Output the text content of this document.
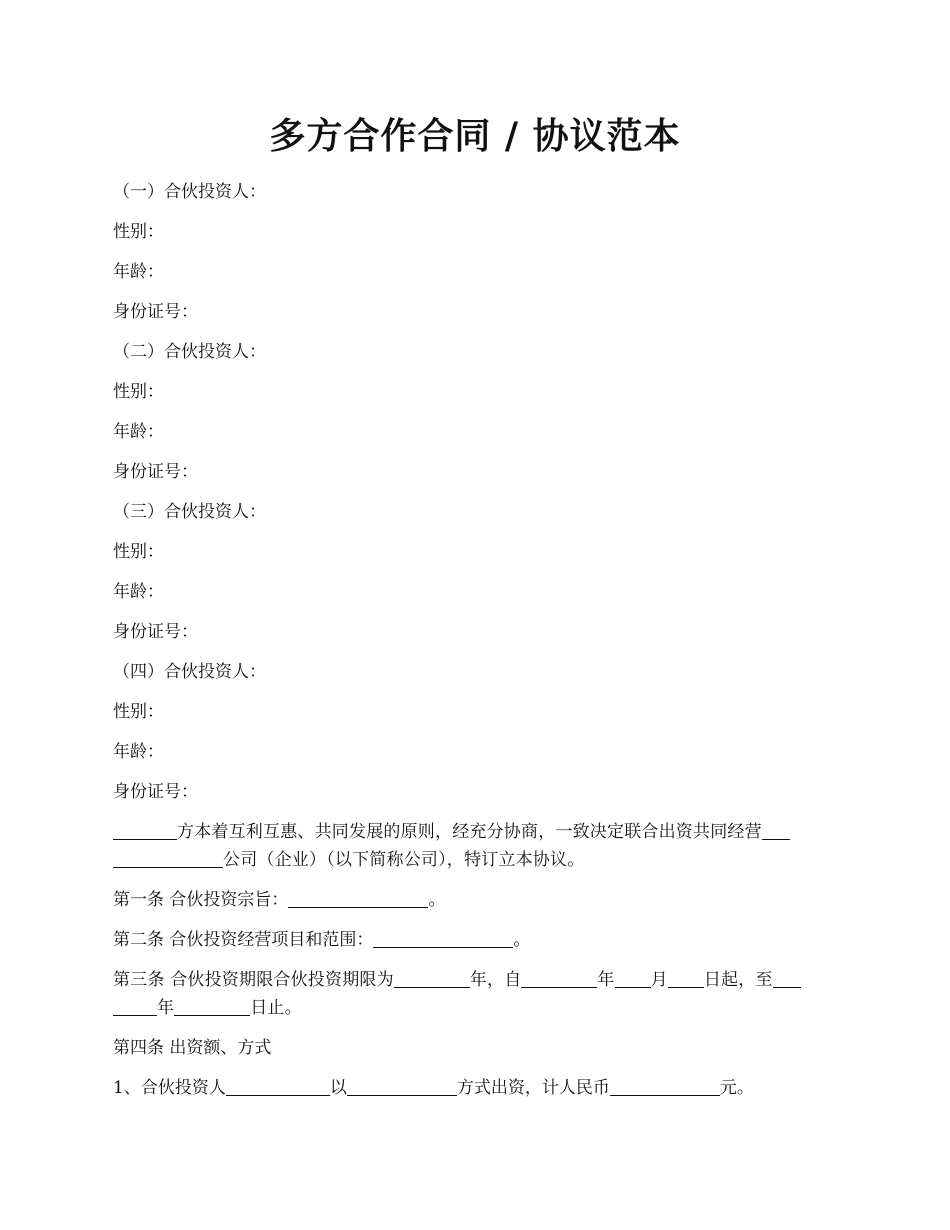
多方合作合同 / 协议范本
（一）合伙投资人：
性别：
年龄：
身份证号：
（二）合伙投资人：
性别：
年龄：
身份证号：
（三）合伙投资人：
性别：
年龄：
身份证号：
（四）合伙投资人：
性别：
年龄：
身份证号：
方本着互利互惠、共同发展的原则，经充分协商，一致决定联合出资共同经营
公司（企业）（以下简称公司），特订立本协议。
第一条 合伙投资宗旨：	。
第二条 合伙投资经营项目和范围：	。
第三条 合伙投资期限合伙投资期限为	年，自	年 月 日起，至
年	日止。
第四条 出资额、方式
1、合伙投资人	以	方式出资，计人民币	元。
